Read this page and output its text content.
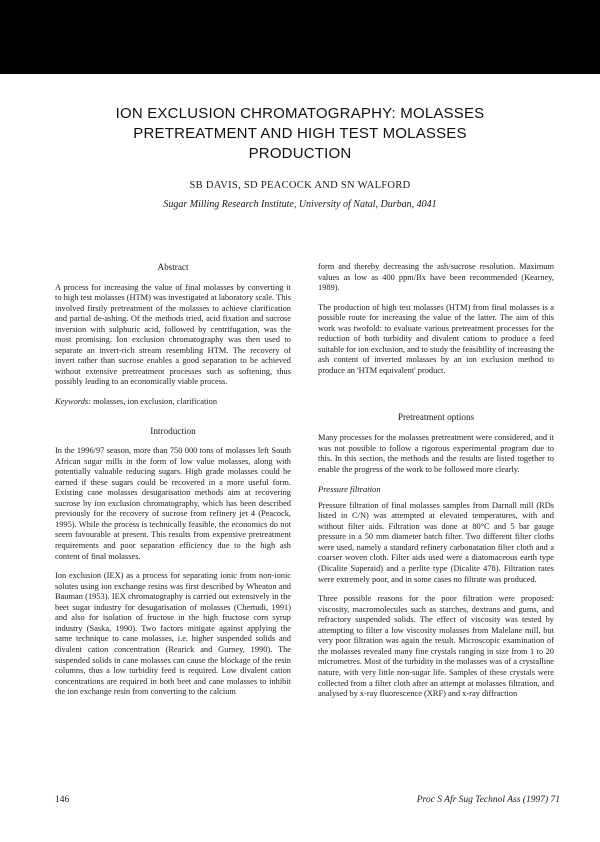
ION EXCLUSION CHROMATOGRAPHY: MOLASSES
PRETREATMENT AND HIGH TEST MOLASSES
PRODUCTION
SB DAVIS, SD PEACOCK AND SN WALFORD
Sugar Milling Research Institute, University of Natal, Durban, 4041
Abstract

A process for increasing the value of final molasses by converting it to high test molasses (HTM) was investigated at laboratory scale. This involved firstly pretreatment of the molasses to achieve clarification and partial de-ashing. Of the methods tried, acid fixation and sucrose inversion with sulphuric acid, followed by centrifugation, was the most promising. Ion exclusion chromatography was then used to separate an invert-rich stream resembling HTM. The recovery of invert rather than sucrose enables a good separation to be achieved without extensive pretreatment processes such as softening, thus possibly leading to an economically viable process.

Keywords: molasses, ion exclusion, clarification

Introduction

In the 1996/97 season, more than 750 000 tons of molasses left South African sugar mills in the form of low value molasses, along with potentially valuable reducing sugars. High grade molasses could be earned if these sugars could be recovered in a more useful form. Existing cane molasses desugarisation methods aim at recovering sucrose by ion exclusion chromatography, which has been described previously for the recovery of sucrose from refinery jet 4 (Peacock, 1995). While the process is technically feasible, the economics do not seem favourable at present. This results from expensive pretreatment requirements and poor separation efficiency due to the high ash content of final molasses.

Ion exclusion (IEX) as a process for separating ionic from non-ionic solutes using ion exchange resins was first described by Wheaton and Bauman (1953). IEX chromatography is carried out extensively in the beet sugar industry for desugarisation of molasses (Chertudi, 1991) and also for isolation of fructose in the high fructose corn syrup industry (Saska, 1990). Two factors mitigate against applying the same technique to cane molasses, i.e. higher suspended solids and divalent cation concentration (Rearick and Gurney, 1990). The suspended solids in cane molasses can cause the blockage of the resin columns, thus a low turbidity feed is required. Low divalent cation concentrations are required in both beet and cane molasses to inhibit the ion exchange resin from converting to the calcium

form and thereby decreasing the ash/sucrose resolution. Maximum values as low as 400 ppm/Bx have been recommended (Kearney, 1989).

The production of high test molasses (HTM) from final molasses is a possible route for increasing the value of the latter. The aim of this work was twofold: to evaluate various pretreatment processes for the reduction of both turbidity and divalent cations to produce a feed suitable for ion exclusion, and to study the feasibility of increasing the ash content of inverted molasses by an ion exclusion method to produce an 'HTM equivalent' product.

Pretreatment options

Many processes for the molasses pretreatment were considered, and it was not possible to follow a rigorous experimental program due to this. In this section, the methods and the results are listed together to enable the progress of the work to be followed more clearly.

Pressure filtration

Pressure filtration of final molasses samples from Darnall mill (RDs listed in C/N) was attempted at elevated temperatures, with and without filter aids. Filtration was done at 80°C and 5 bar gauge pressure in a 50 mm diameter batch filter. Two different filter cloths were used, namely a standard refinery carbonatation filter cloth and a coarser woven cloth. Filter aids used were a diatomaceous earth type (Dicalite Superaid) and a perlite type (Dicalite 478). Filtration rates were extremely poor, and in some cases no filtrate was produced.

Three possible reasons for the poor filtration were proposed: viscosity, macromolecules such as starches, dextrans and gums, and refractory suspended solids. The effect of viscosity was tested by attempting to filter a low viscosity molasses from Malelane mill, but very poor filtration was again the result. Microscopic examination of the molasses revealed many fine crystals ranging in size from 1 to 20 micrometres. Most of the turbidity in the molasses was of a crystalline nature, with very little non-sugar life. Samples of these crystals were collected from a filter cloth after an attempt at molasses filtration, and analysed by x-ray fluorescence (XRF) and x-ray diffraction

146	Proc S Afr Sug Technol Ass (1997) 71
